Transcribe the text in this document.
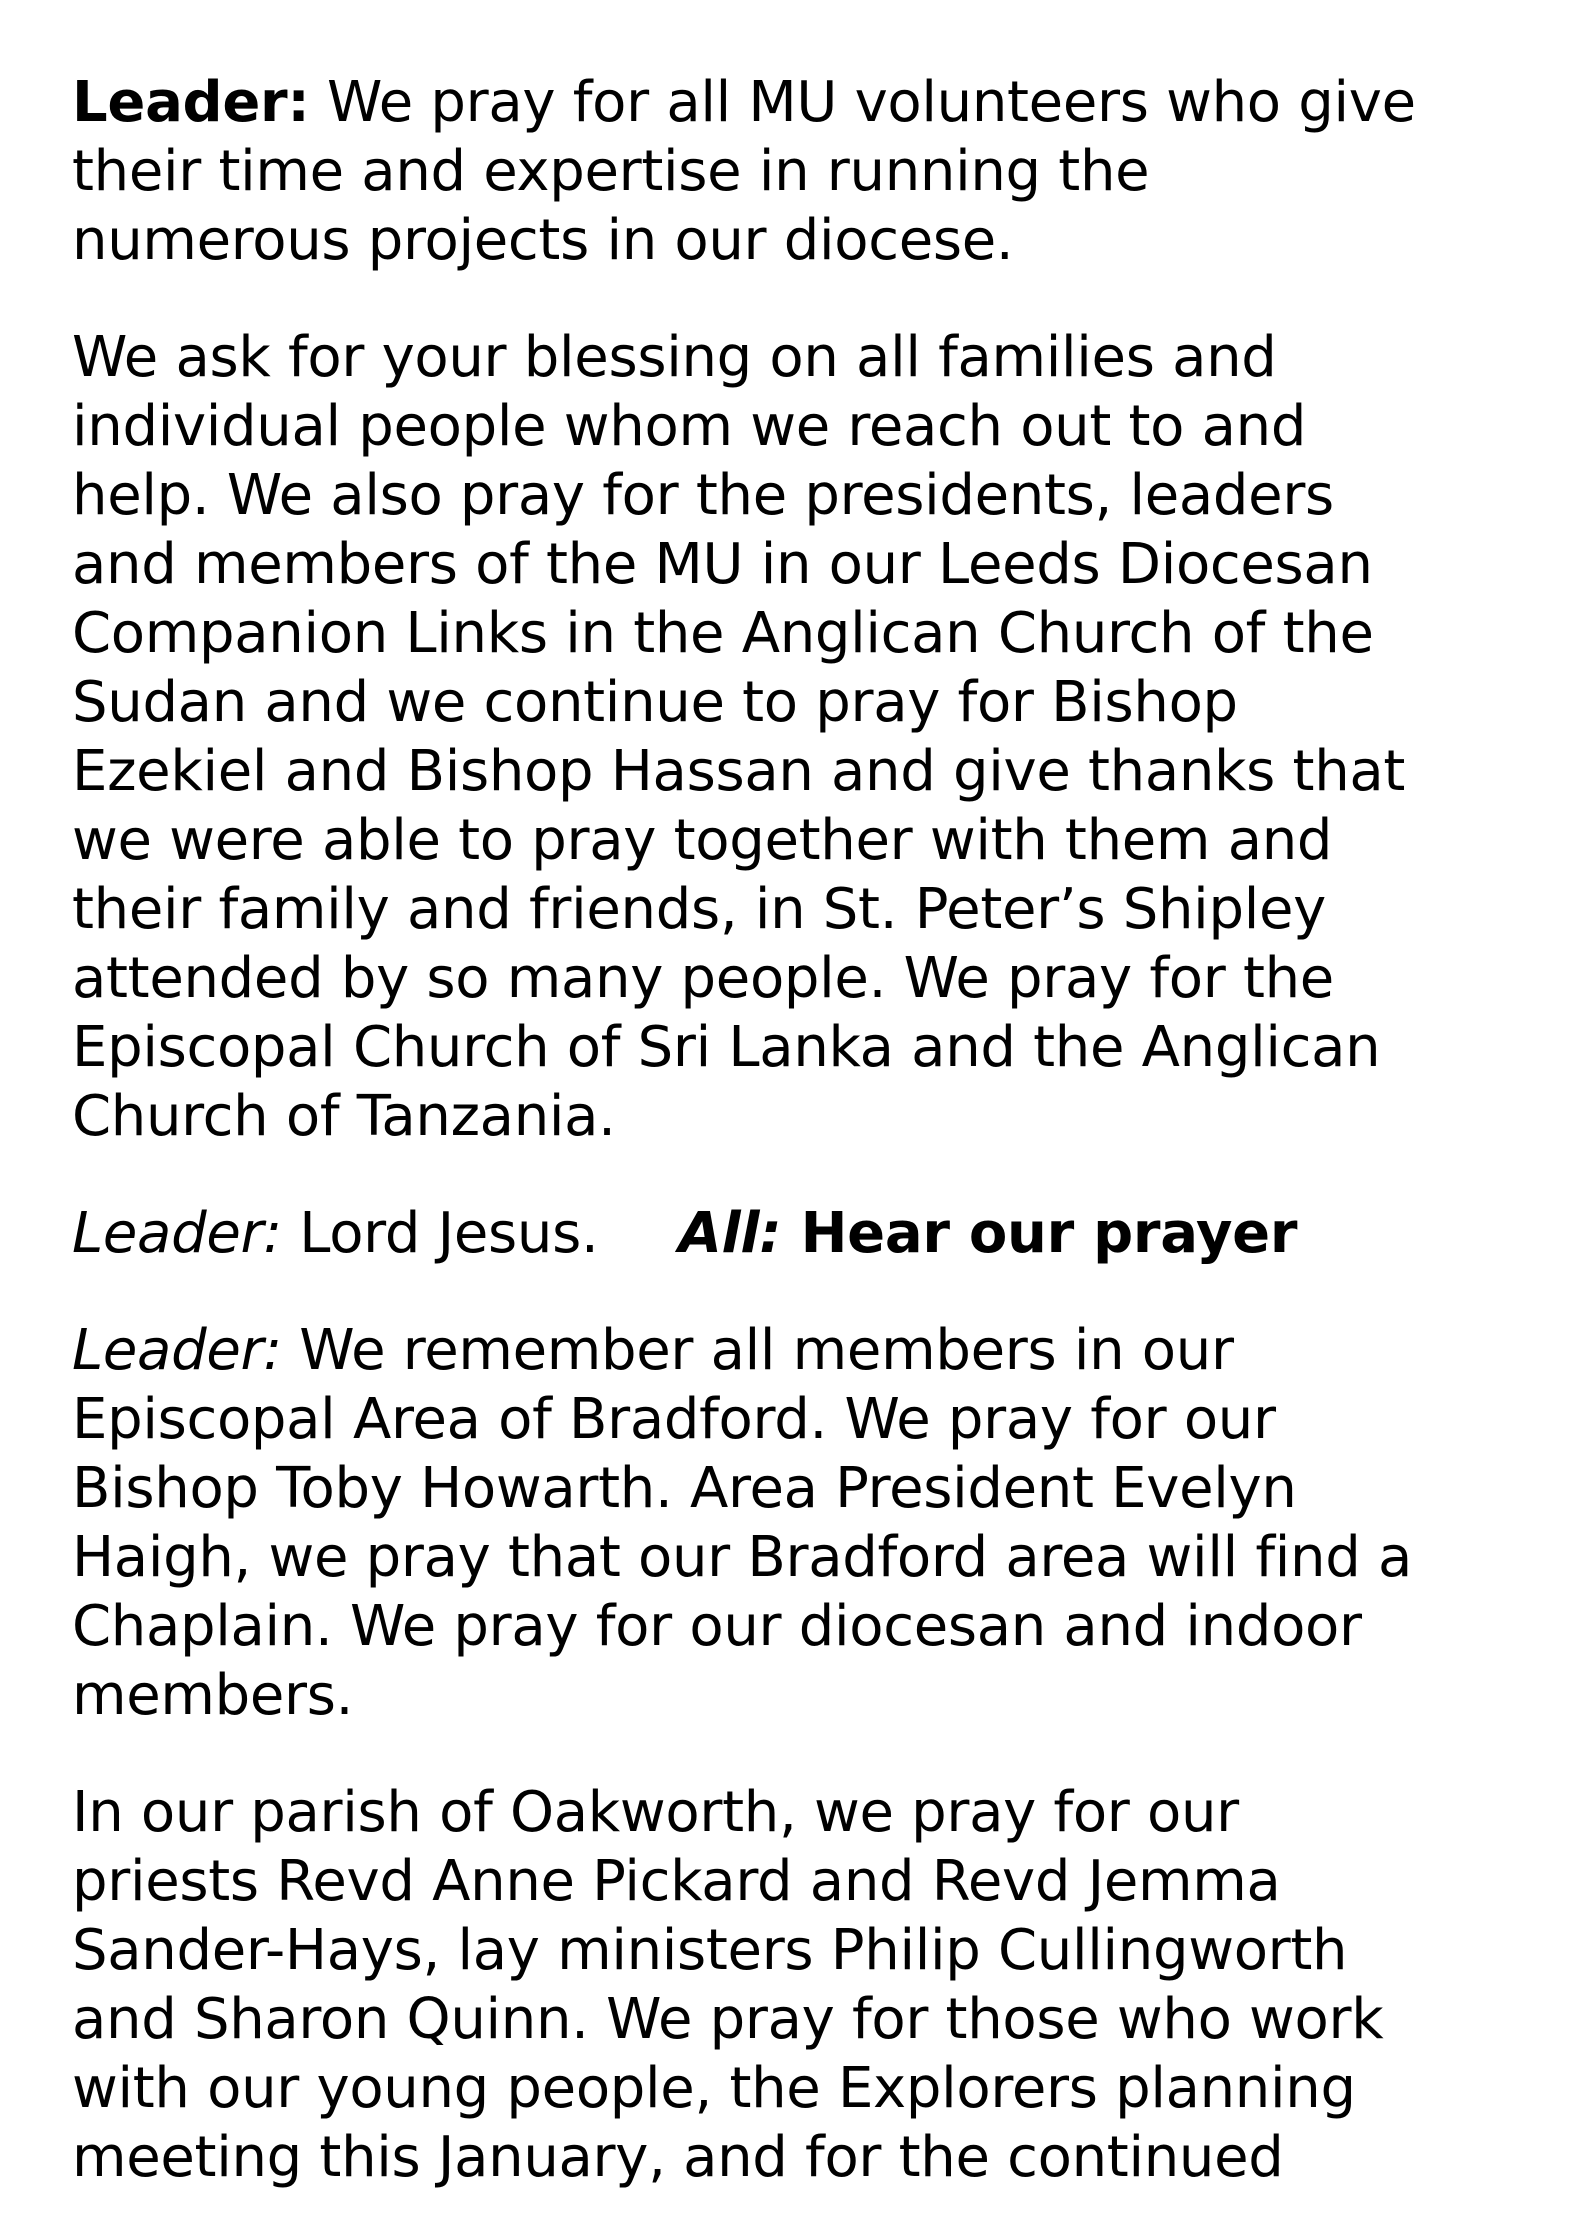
Leader: We pray for all MU volunteers who give
their time and expertise in running the
numerous projects in our diocese.

We ask for your blessing on all families and
individual people whom we reach out to and
help. We also pray for the presidents, leaders
and members of the MU in our Leeds Diocesan
Companion Links in the Anglican Church of the
Sudan and we continue to pray for Bishop
Ezekiel and Bishop Hassan and give thanks that
we were able to pray together with them and
their family and friends, in St. Peter’s Shipley
attended by so many people. We pray for the
Episcopal Church of Sri Lanka and the Anglican
Church of Tanzania.

Leader: Lord Jesus. All: Hear our prayer

Leader: We remember all members in our
Episcopal Area of Bradford. We pray for our
Bishop Toby Howarth. Area President Evelyn
Haigh, we pray that our Bradford area will find a
Chaplain. We pray for our diocesan and indoor
members.

In our parish of Oakworth, we pray for our
priests Revd Anne Pickard and Revd Jemma
Sander-Hays, lay ministers Philip Cullingworth
and Sharon Quinn. We pray for those who work
with our young people, the Explorers planning
meeting this January, and for the continued
